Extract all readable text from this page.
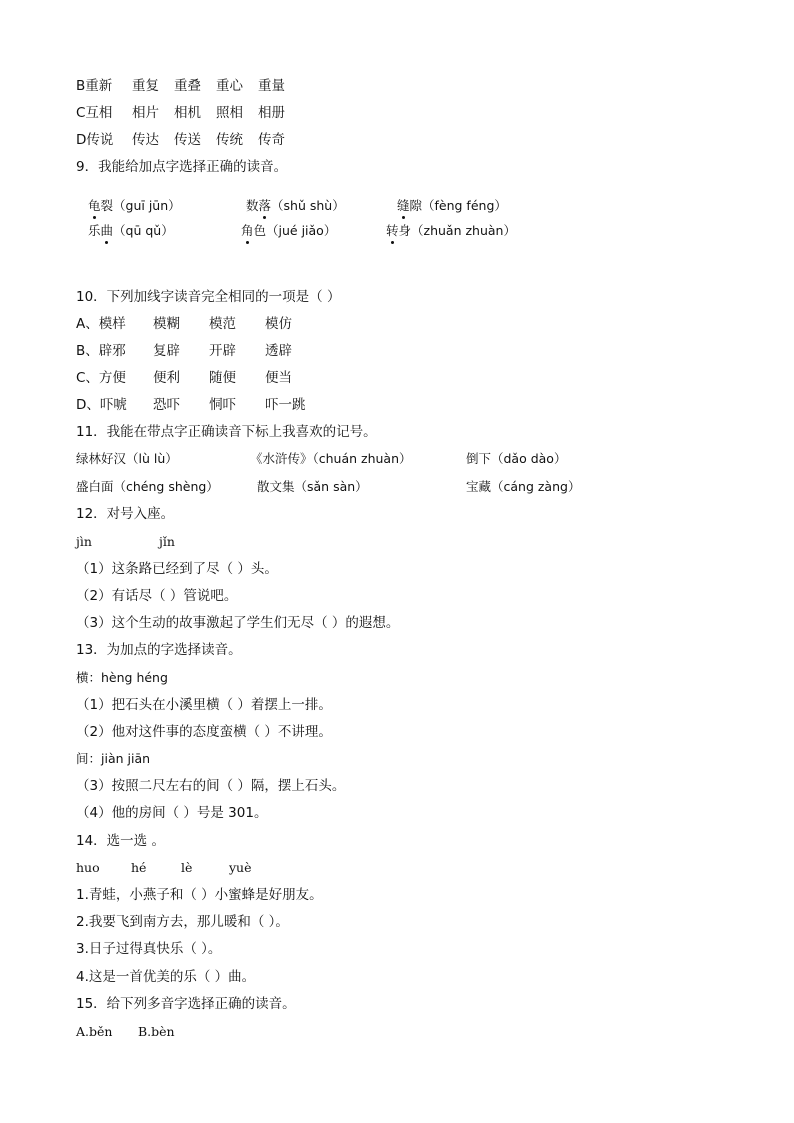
B重新 重复 重叠 重心 重量
C互相 相片 相机 照相 相册
D传说 传达 传送 传统 传奇
9．我能给加点字选择正确的读音。
龟裂（guī jūn）	数落（shǔ shù）	缝隙（fèng féng）
乐曲（qū qǔ）	角色（jué jiǎo）	转身（zhuǎn zhuàn）
10．下列加线字读音完全相同的一项是（ ）
A、模样 模糊 模范 模仿
B、辟邪 复辟 开辟 透辟
C、方便 便利 随便 便当
D、吓唬 恐吓 恫吓 吓一跳
11．我能在带点字正确读音下标上我喜欢的记号。
绿林好汉（lù lù）	《水浒传》（chuán zhuàn）	倒下（dǎo dào）
盛白面（chéng shèng）	散文集（sǎn sàn）	宝藏（cáng zàng）
12．对号入座。
jìn	jǐn
（1）这条路已经到了尽（ ）头。
（2）有话尽（ ）管说吧。
（3）这个生动的故事激起了学生们无尽（ ）的遐想。
13．为加点的字选择读音。
横：hèng héng
（1）把石头在小溪里横（ ）着摆上一排。
（2）他对这件事的态度蛮横（ ）不讲理。
间：jiàn jiān
（3）按照二尺左右的间（ ）隔，摆上石头。
（4）他的房间（ ）号是 301。
14．选一选 。
huo	hé	lè	yuè
1.青蛙，小燕子和（ ）小蜜蜂是好朋友。
2.我要飞到南方去，那儿暖和（ ）。
3.日子过得真快乐（ ）。
4.这是一首优美的乐（ ）曲。
15．给下列多音字选择正确的读音。
A.běn B.bèn
